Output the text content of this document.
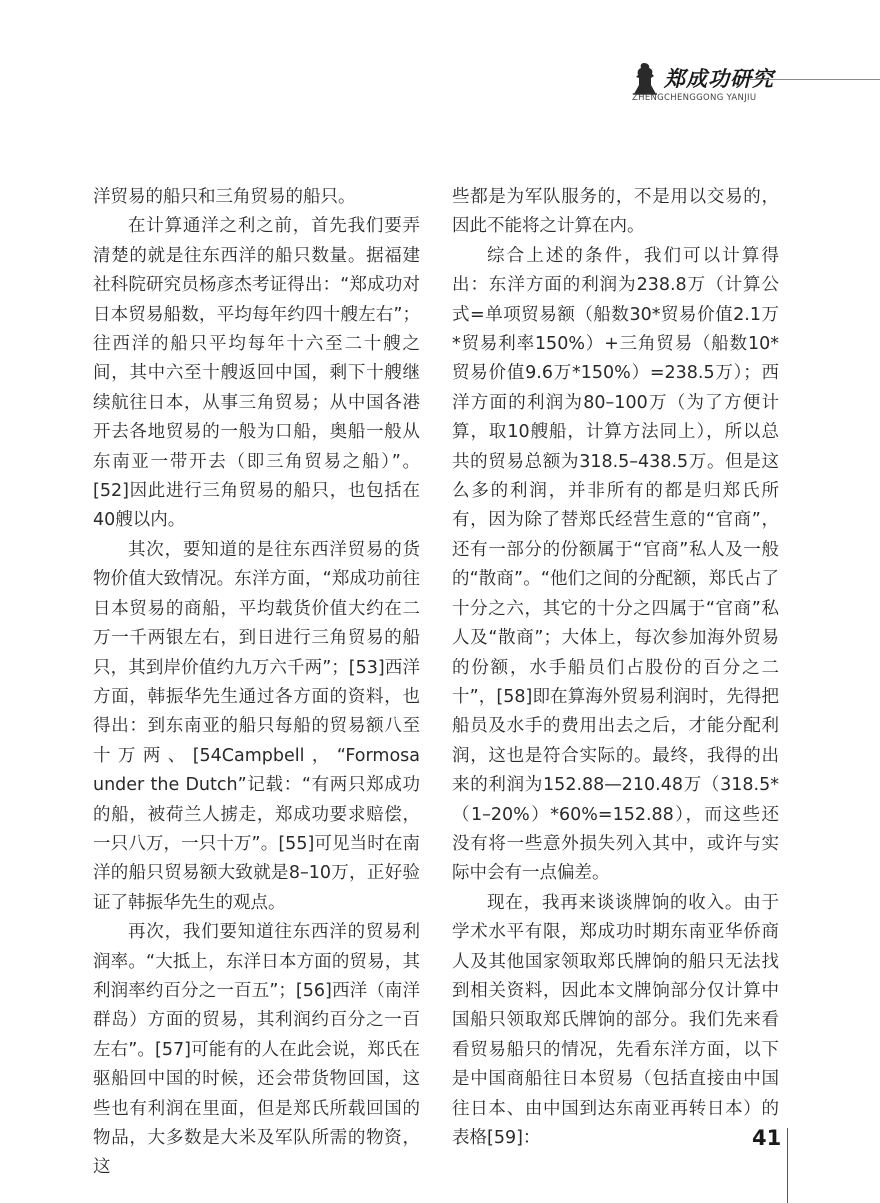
郑成功研究
ZHENGCHENGGONG YANJIU

洋贸易的船只和三角贸易的船只。

在计算通洋之利之前，首先我们要弄清楚的就是往东西洋的船只数量。据福建社科院研究员杨彦杰考证得出：“郑成功对日本贸易船数，平均每年约四十艘左右”；往西洋的船只平均每年十六至二十艘之间，其中六至十艘返回中国，剩下十艘继续航往日本，从事三角贸易；从中国各港开去各地贸易的一般为口船，奥船一般从东南亚一带开去（即三角贸易之船）”。[52]因此进行三角贸易的船只，也包括在40艘以内。

其次，要知道的是往东西洋贸易的货物价值大致情况。东洋方面，“郑成功前往日本贸易的商船，平均载货价值大约在二万一千两银左右，到日进行三角贸易的船只，其到岸价值约九万六千两”；[53]西洋方面，韩振华先生通过各方面的资料，也得出：到东南亚的船只每船的贸易额八至十万两、[54Campbell，“Formosa under the Dutch”记载：“有两只郑成功的船，被荷兰人掳走，郑成功要求赔偿，一只八万，一只十万”。[55]可见当时在南洋的船只贸易额大致就是8–10万，正好验证了韩振华先生的观点。

再次，我们要知道往东西洋的贸易利润率。“大抵上，东洋日本方面的贸易，其利润率约百分之一百五”；[56]西洋（南洋群岛）方面的贸易，其利润约百分之一百左右”。[57]可能有的人在此会说，郑氏在驱船回中国的时候，还会带货物回国，这些也有利润在里面，但是郑氏所载回国的物品，大多数是大米及军队所需的物资，这

些都是为军队服务的，不是用以交易的，因此不能将之计算在内。

综合上述的条件，我们可以计算得出：东洋方面的利润为238.8万（计算公式=单项贸易额（船数30*贸易价值2.1万*贸易利率150%）+三角贸易（船数10*贸易价值9.6万*150%）=238.5万）；西洋方面的利润为80–100万（为了方便计算，取10艘船，计算方法同上），所以总共的贸易总额为318.5–438.5万。但是这么多的利润，并非所有的都是归郑氏所有，因为除了替郑氏经营生意的“官商”，还有一部分的份额属于“官商”私人及一般的“散商”。“他们之间的分配额，郑氏占了十分之六，其它的十分之四属于“官商”私人及“散商”；大体上，每次参加海外贸易的份额，水手船员们占股份的百分之二十”，[58]即在算海外贸易利润时，先得把船员及水手的费用出去之后，才能分配利润，这也是符合实际的。最终，我得的出来的利润为152.88—210.48万（318.5*（1–20%）*60%=152.88），而这些还没有将一些意外损失列入其中，或许与实际中会有一点偏差。

现在，我再来谈谈牌饷的收入。由于学术水平有限，郑成功时期东南亚华侨商人及其他国家领取郑氏牌饷的船只无法找到相关资料，因此本文牌饷部分仅计算中国船只领取郑氏牌饷的部分。我们先来看看贸易船只的情况，先看东洋方面，以下是中国商船往日本贸易（包括直接由中国往日本、由中国到达东南亚再转日本）的表格[59]：	41
